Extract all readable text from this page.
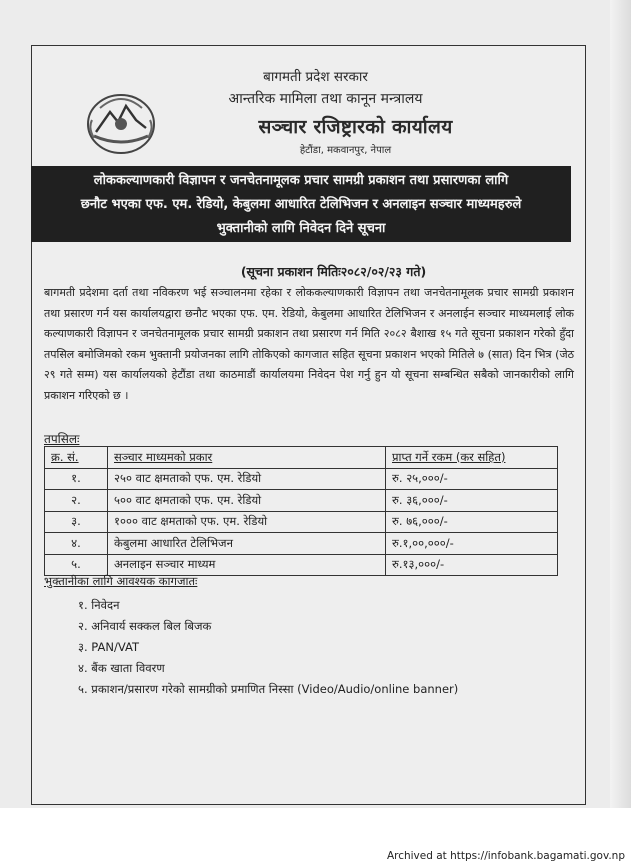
बागमती प्रदेश सरकार
आन्तरिक मामिला तथा कानून मन्त्रालय
सञ्चार रजिष्ट्रारको कार्यालय
हेटौंडा, मकवानपुर, नेपाल
लोककल्याणकारी विज्ञापन र जनचेतनामूलक प्रचार सामग्री प्रकाशन तथा प्रसारणका लागि
छनौट भएका एफ. एम. रेडियो, केबुलमा आधारित टेलिभिजन र अनलाइन सञ्चार माध्यमहरुले
भुक्तानीको लागि निवेदन दिने सूचना
(सूचना प्रकाशन मितिः२०८२/०२/२३ गते)
बागमती प्रदेशमा दर्ता तथा नविकरण भई सञ्चालनमा रहेका र लोककल्याणकारी विज्ञापन तथा जनचेतनामूलक प्रचार सामग्री प्रकाशन तथा प्रसारण गर्न यस कार्यालयद्वारा छनौट भएका एफ. एम. रेडियो, केबुलमा आधारित टेलिभिजन र अनलाईन सञ्चार माध्यमलाई लोक कल्याणकारी विज्ञापन र जनचेतनामूलक प्रचार सामग्री प्रकाशन तथा प्रसारण गर्न मिति २०८२ बैशाख १५ गते सूचना प्रकाशन गरेको हुँदा तपसिल बमोजिमको रकम भुक्तानी प्रयोजनका लागि तोकिएको कागजात सहित सूचना प्रकाशन भएको मितिले ७ (सात) दिन भित्र (जेठ २९ गते सम्म) यस कार्यालयको हेटौंडा तथा काठमाडौं कार्यालयमा निवेदन पेश गर्नु हुन यो सूचना सम्बन्धित सबैको जानकारीको लागि प्रकाशन गरिएको छ ।
तपसिलः
क्र. सं.	सञ्चार माध्यमको प्रकार	प्राप्त गर्ने रकम (कर सहित)
१.	२५० वाट क्षमताको एफ. एम. रेडियो	रु. २५,०००/-
२.	५०० वाट क्षमताको एफ. एम. रेडियो	रु. ३६,०००/-
३.	१००० वाट क्षमताको एफ. एम. रेडियो	रु. ७६,०००/-
४.	केबुलमा आधारित टेलिभिजन	रु.१,००,०००/-
५.	अनलाइन सञ्चार माध्यम	रु.१३,०००/-
भुक्तानीका लागि आवश्यक कागजातः
१. निवेदन
२. अनिवार्य सक्कल बिल बिजक
३. PAN/VAT
४. बैंक खाता विवरण
५. प्रकाशन/प्रसारण गरेको सामग्रीको प्रमाणित निस्सा (Video/Audio/online banner)
Archived at https://infobank.bagamati.gov.np
